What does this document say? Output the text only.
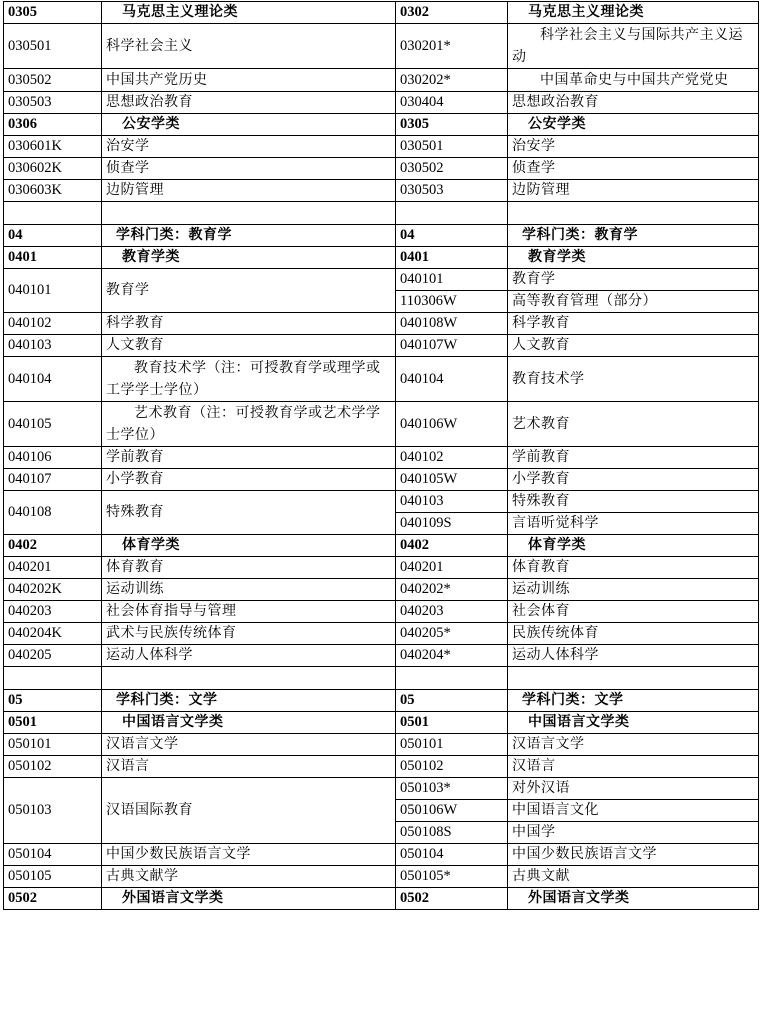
0305	马克思主义理论类	0302	马克思主义理论类
030501	科学社会主义	030201*	科学社会主义与国际共产主义运动
030502	中国共产党历史	030202*	中国革命史与中国共产党党史
030503	思想政治教育	030404	思想政治教育
0306	公安学类	0305	公安学类
030601K	治安学	030501	治安学
030602K	侦查学	030502	侦查学
030603K	边防管理	030503	边防管理

04	学科门类：教育学	04	学科门类：教育学
0401	教育学类	0401	教育学类
040101	教育学	040101	教育学
		110306W	高等教育管理（部分）
040102	科学教育	040108W	科学教育
040103	人文教育	040107W	人文教育
040104	教育技术学（注：可授教育学或理学或工学学士学位）	040104	教育技术学
040105	艺术教育（注：可授教育学或艺术学学士学位）	040106W	艺术教育
040106	学前教育	040102	学前教育
040107	小学教育	040105W	小学教育
040108	特殊教育	040103	特殊教育
		040109S	言语听觉科学
0402	体育学类	0402	体育学类
040201	体育教育	040201	体育教育
040202K	运动训练	040202*	运动训练
040203	社会体育指导与管理	040203	社会体育
040204K	武术与民族传统体育	040205*	民族传统体育
040205	运动人体科学	040204*	运动人体科学

05	学科门类：文学	05	学科门类：文学
0501	中国语言文学类	0501	中国语言文学类
050101	汉语言文学	050101	汉语言文学
050102	汉语言	050102	汉语言
050103	汉语国际教育	050103*	对外汉语
		050106W	中国语言文化
		050108S	中国学
050104	中国少数民族语言文学	050104	中国少数民族语言文学
050105	古典文献学	050105*	古典文献
0502	外国语言文学类	0502	外国语言文学类
